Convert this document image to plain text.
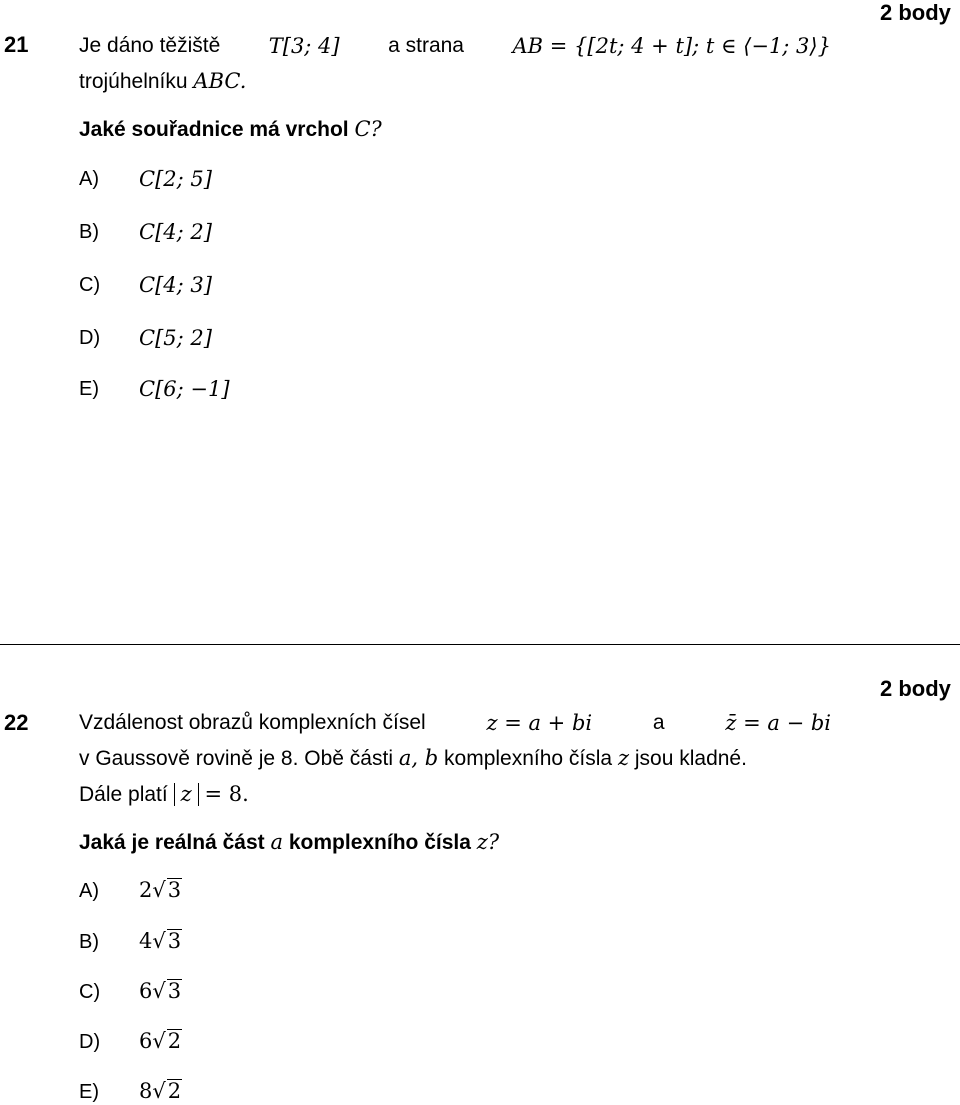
21
2 body
Je dáno těžiště T[3; 4] a strana AB = {[2t; 4 + t]; t ∈ ⟨−1; 3⟩}
trojúhelníku ABC.
Jaké souřadnice má vrchol C?
A) C[2; 5]
B) C[4; 2]
C) C[4; 3]
D) C[5; 2]
E) C[6; −1]
2 body
22 Vzdálenost obrazů komplexních čísel	z = a + bi	a	z̄ = a − bi
v Gaussově rovině je 8. Obě části a, b komplexního čísla z jsou kladné.
Dále platí z = 8.
Jaká je reálná část a komplexního čísla z?
A) 2√3
B) 4√3
C) 6√3
D) 6√2
E) 8√2
